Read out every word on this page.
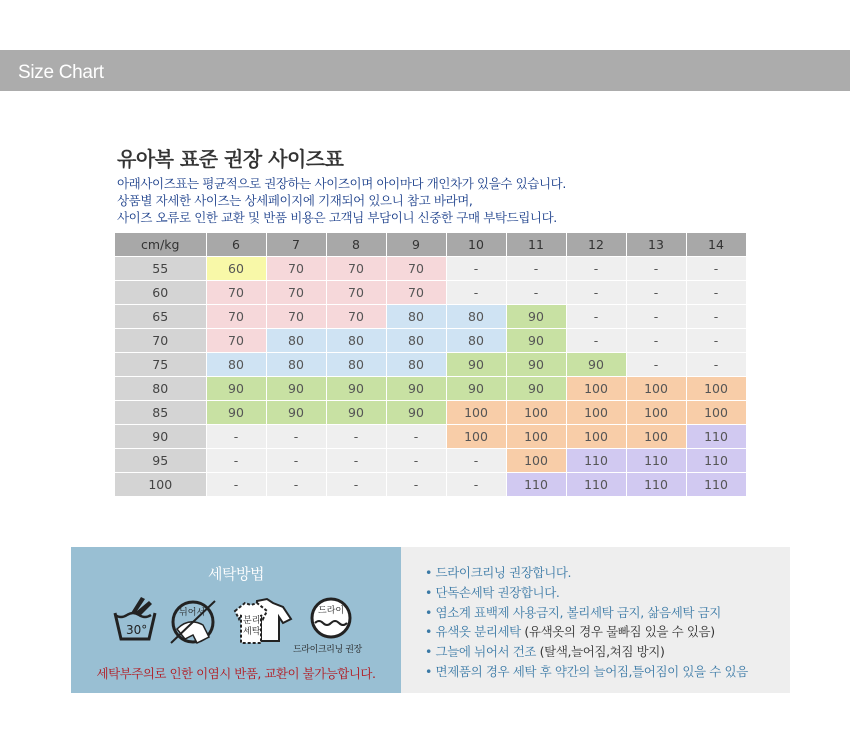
Size Chart
유아복 표준 권장 사이즈표
아래사이즈표는 평균적으로 권장하는 사이즈이며 아이마다 개인차가 있을수 있습니다.
상품별 자세한 사이즈는 상세페이지에 기재되어 있으니 참고 바라며,
사이즈 오류로 인한 교환 및 반품 비용은 고객님 부담이니 신중한 구매 부탁드립니다.
cm/kg	6	7	8	9	10	11	12	13	14
55	60	70	70	70	-	-	-	-	-
60	70	70	70	70	-	-	-	-	-
65	70	70	70	80	80	90	-	-	-
70	70	80	80	80	80	90	-	-	-
75	80	80	80	80	90	90	90	-	-
80	90	90	90	90	90	90	100	100	100
85	90	90	90	90	100	100	100	100	100
90	-	-	-	-	100	100	100	100	110
95	-	-	-	-	-	100	110	110	110
100	-	-	-	-	-	110	110	110	110
세탁방법
30°
뉘어서
분리
세탁
드라이
드라이크리닝 권장
세탁부주의로 인한 이염시 반품, 교환이 불가능합니다.
• 드라이크리닝 권장합니다.
• 단독손세탁 권장합니다.
• 염소계 표백제 사용금지, 볼리세탁 금지, 삶음세탁 금지
• 유색옷 분리세탁 (유색옷의 경우 물빠짐 있을 수 있음)
• 그늘에 뉘어서 건조 (탈색,늘어짐,쳐짐 방지)
• 면제품의 경우 세탁 후 약간의 늘어짐,틀어짐이 있을 수 있음
